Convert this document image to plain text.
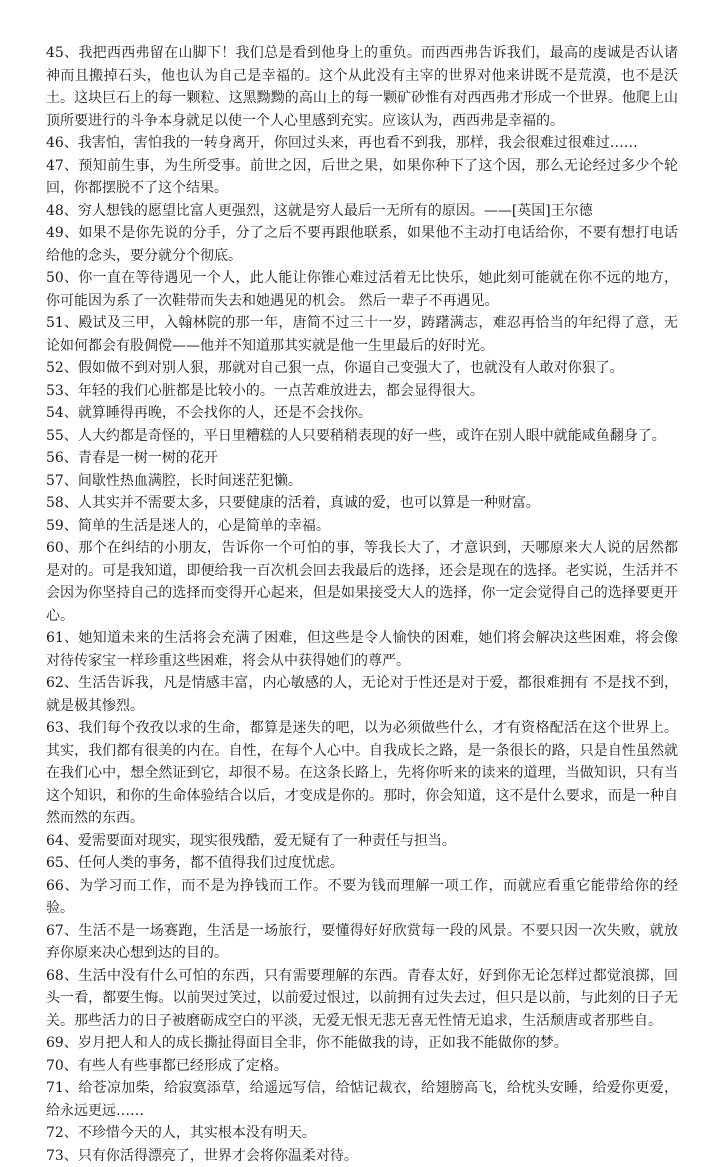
45、我把西西弗留在山脚下！我们总是看到他身上的重负。而西西弗告诉我们，最高的虔诚是否认诸神而且搬掉石头，他也认为自己是幸福的。这个从此没有主宰的世界对他来讲既不是荒漠，也不是沃土。这块巨石上的每一颗粒、这黑黝黝的高山上的每一颗矿砂惟有对西西弗才形成一个世界。他爬上山顶所要进行的斗争本身就足以使一个人心里感到充实。应该认为，西西弗是幸福的。

46、我害怕，害怕我的一转身离开，你回过头来，再也看不到我，那样，我会很难过很难过……

47、预知前生事，为生所受事。前世之因，后世之果，如果你种下了这个因，那么无论经过多少个轮回，你都摆脱不了这个结果。

48、穷人想钱的愿望比富人更强烈，这就是穷人最后一无所有的原因。——[英国]王尔德

49、如果不是你先说的分手，分了之后不要再跟他联系，如果他不主动打电话给你，不要有想打电话给他的念头，要分就分个彻底。

50、你一直在等待遇见一个人，此人能让你锥心难过活着无比快乐，她此刻可能就在你不远的地方，你可能因为系了一次鞋带而失去和她遇见的机会。 然后一辈子不再遇见。

51、殿试及三甲，入翰林院的那一年，唐简不过三十一岁，踌躇满志，难忍再恰当的年纪得了意，无论如何都会有股倜傥——他并不知道那其实就是他一生里最后的好时光。

52、假如做不到对别人狠，那就对自己狠一点，你逼自己变强大了，也就没有人敢对你狠了。

53、年轻的我们心脏都是比较小的。一点苦难放进去，都会显得很大。

54、就算睡得再晚，不会找你的人，还是不会找你。

55、人大约都是奇怪的，平日里糟糕的人只要稍稍表现的好一些，或许在别人眼中就能咸鱼翻身了。

56、青春是一树一树的花开

57、间歇性热血满腔，长时间迷茫犯懒。

58、人其实并不需要太多，只要健康的活着，真诚的爱，也可以算是一种财富。

59、简单的生活是迷人的，心是简单的幸福。

60、那个在纠结的小朋友，告诉你一个可怕的事，等我长大了，才意识到，天哪原来大人说的居然都是对的。可是我知道，即便给我一百次机会回去我最后的选择，还会是现在的选择。老实说，生活并不会因为你坚持自己的选择而变得开心起来，但是如果接受大人的选择，你一定会觉得自己的选择要更开心。

61、她知道未来的生活将会充满了困难，但这些是令人愉快的困难，她们将会解决这些困难，将会像对待传家宝一样珍重这些困难，将会从中获得她们的尊严。

62、生活告诉我，凡是情感丰富，内心敏感的人，无论对于性还是对于爱，都很难拥有 不是找不到，就是极其惨烈。

63、我们每个孜孜以求的生命，都算是迷失的吧，以为必须做些什么，才有资格配活在这个世界上。其实，我们都有很美的内在。自性，在每个人心中。自我成长之路，是一条很长的路，只是自性虽然就在我们心中，想全然证到它，却很不易。在这条长路上，先将你听来的读来的道理，当做知识，只有当这个知识，和你的生命体验结合以后，才变成是你的。那时，你会知道，这不是什么要求，而是一种自然而然的东西。

64、爱需要面对现实，现实很残酷，爱无疑有了一种责任与担当。

65、任何人类的事务，都不值得我们过度忧虑。

66、为学习而工作，而不是为挣钱而工作。不要为钱而理解一项工作，而就应看重它能带给你的经验。

67、生活不是一场赛跑，生活是一场旅行，要懂得好好欣赏每一段的风景。不要只因一次失败，就放弃你原来决心想到达的目的。

68、生活中没有什么可怕的东西，只有需要理解的东西。青春太好，好到你无论怎样过都觉浪掷，回头一看，都要生悔。以前哭过笑过，以前爱过恨过，以前拥有过失去过，但只是以前，与此刻的日子无关。那些活力的日子被磨砺成空白的平淡，无爱无恨无悲无喜无性情无追求，生活颓唐或者那些自。

69、岁月把人和人的成长撕扯得面目全非，你不能做我的诗，正如我不能做你的梦。

70、有些人有些事都已经形成了定格。

71、给苍凉加柴，给寂寞添草，给遥远写信，给惦记裁衣，给翅膀高飞，给枕头安睡，给爱你更爱，给永远更远……

72、不珍惜今天的人，其实根本没有明天。

73、只有你活得漂亮了，世界才会将你温柔对待。
